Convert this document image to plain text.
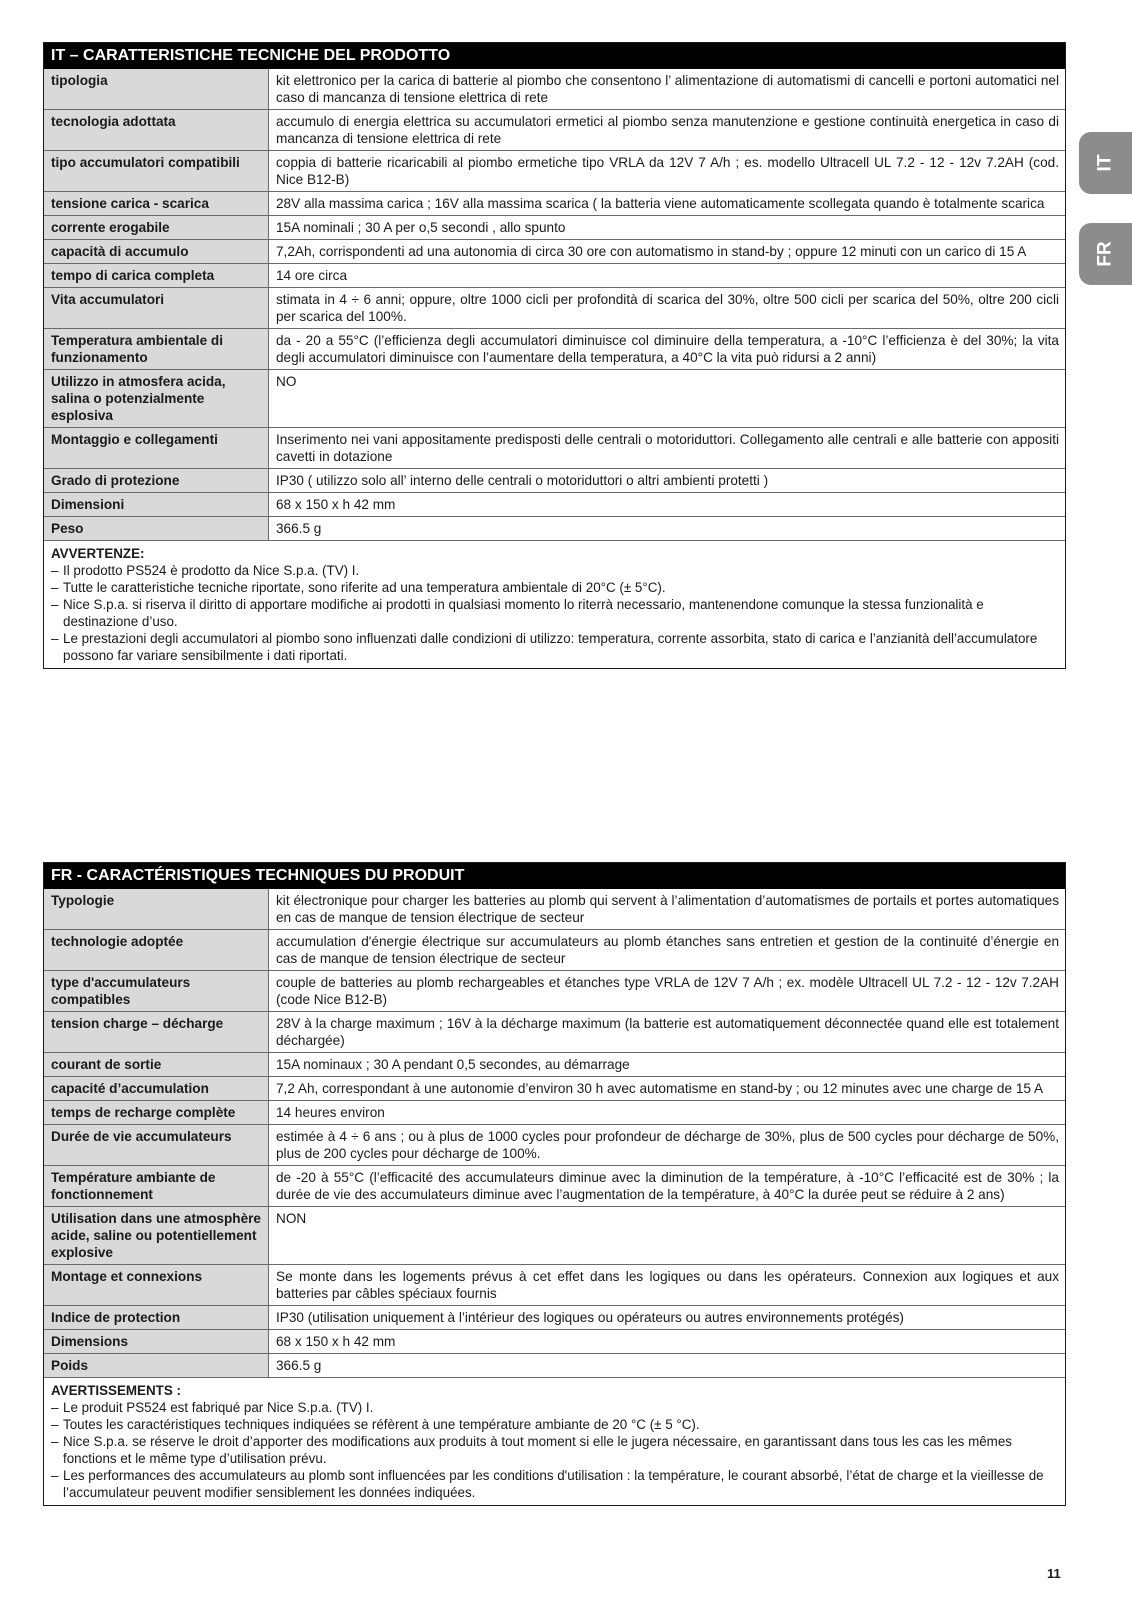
IT – CARATTERISTICHE TECNICHE DEL PRODOTTO
tipologia	kit elettronico per la carica di batterie al piombo che consentono l’ alimentazione di automatismi di cancelli e portoni automatici nel caso di mancanza di tensione elettrica di rete
tecnologia adottata	accumulo di energia elettrica su accumulatori ermetici al piombo senza manutenzione e gestione continuità energetica in caso di mancanza di tensione elettrica di rete
tipo accumulatori compatibili	coppia di batterie ricaricabili al piombo ermetiche tipo VRLA da 12V 7 A/h ; es. modello Ultracell UL 7.2 - 12 - 12v 7.2AH (cod. Nice B12-B)
tensione carica - scarica	28V alla massima carica ; 16V alla massima scarica ( la batteria viene automaticamente scollegata quando è totalmente scarica
corrente erogabile	15A nominali ; 30 A per o,5 secondi , allo spunto
capacità di accumulo	7,2Ah, corrispondenti ad una autonomia di circa 30 ore con automatismo in stand-by ; oppure 12 minuti con un carico di 15 A
tempo di carica completa	14 ore circa
Vita accumulatori	stimata in 4 ÷ 6 anni; oppure, oltre 1000 cicli per profondità di scarica del 30%, oltre 500 cicli per scarica del 50%, oltre 200 cicli per scarica del 100%.
Temperatura ambientale di funzionamento	da - 20 a 55°C (l’efficienza degli accumulatori diminuisce col diminuire della temperatura, a -10°C l’efficienza è del 30%; la vita degli accumulatori diminuisce con l’aumentare della temperatura, a 40°C la vita può ridursi a 2 anni)
Utilizzo in atmosfera acida, salina o potenzialmente esplosiva	NO
Montaggio e collegamenti	Inserimento nei vani appositamente predisposti delle centrali o motoriduttori. Collegamento alle centrali e alle batterie con appositi cavetti in dotazione
Grado di protezione	IP30 ( utilizzo solo all’ interno delle centrali o motoriduttori o altri ambienti protetti )
Dimensioni	68 x 150 x h 42 mm
Peso	366.5 g
AVVERTENZE:
– Il prodotto PS524 è prodotto da Nice S.p.a. (TV) I.
– Tutte le caratteristiche tecniche riportate, sono riferite ad una temperatura ambientale di 20°C (± 5°C).
– Nice S.p.a. si riserva il diritto di apportare modifiche ai prodotti in qualsiasi momento lo riterrà necessario, mantenendone comunque la stessa funzionalità e destinazione d’uso.
– Le prestazioni degli accumulatori al piombo sono influenzati dalle condizioni di utilizzo: temperatura, corrente assorbita, stato di carica e l’anzianità dell’accumulatore possono far variare sensibilmente i dati riportati.
FR - CARACTÉRISTIQUES TECHNIQUES DU PRODUIT
Typologie	kit électronique pour charger les batteries au plomb qui servent à l’alimentation d’automatismes de portails et portes automatiques en cas de manque de tension électrique de secteur
technologie adoptée	accumulation d'énergie électrique sur accumulateurs au plomb étanches sans entretien et gestion de la continuité d’énergie en cas de manque de tension électrique de secteur
type d'accumulateurs compatibles	couple de batteries au plomb rechargeables et étanches type VRLA de 12V 7 A/h ; ex. modèle Ultracell UL 7.2 - 12 - 12v 7.2AH (code Nice B12-B)
tension charge – décharge	28V à la charge maximum ; 16V à la décharge maximum (la batterie est automatiquement déconnectée quand elle est totalement déchargée)
courant de sortie	15A nominaux ; 30 A pendant 0,5 secondes, au démarrage
capacité d’accumulation	7,2 Ah, correspondant à une autonomie d’environ 30 h avec automatisme en stand-by ; ou 12 minutes avec une charge de 15 A
temps de recharge complète	14 heures environ
Durée de vie accumulateurs	estimée à 4 ÷ 6 ans ; ou à plus de 1000 cycles pour profondeur de décharge de 30%, plus de 500 cycles pour décharge de 50%, plus de 200 cycles pour décharge de 100%.
Température ambiante de fonctionnement	de -20 à 55°C (l’efficacité des accumulateurs diminue avec la diminution de la température, à -10°C l’efficacité est de 30% ; la durée de vie des accumulateurs diminue avec l’augmentation de la température, à 40°C la durée peut se réduire à 2 ans)
Utilisation dans une atmosphère acide, saline ou potentiellement explosive	NON
Montage et connexions	Se monte dans les logements prévus à cet effet dans les logiques ou dans les opérateurs. Connexion aux logiques et aux batteries par câbles spéciaux fournis
Indice de protection	IP30 (utilisation uniquement à l’intérieur des logiques ou opérateurs ou autres environnements protégés)
Dimensions	68 x 150 x h 42 mm
Poids	366.5 g
AVERTISSEMENTS :
– Le produit PS524 est fabriqué par Nice S.p.a. (TV) I.
– Toutes les caractéristiques techniques indiquées se réfèrent à une température ambiante de 20 °C (± 5 °C).
– Nice S.p.a. se réserve le droit d’apporter des modifications aux produits à tout moment si elle le jugera nécessaire, en garantissant dans tous les cas les mêmes fonctions et le même type d’utilisation prévu.
– Les performances des accumulateurs au plomb sont influencées par les conditions d'utilisation : la température, le courant absorbé, l’état de charge et la vieillesse de l’accumulateur peuvent modifier sensiblement les données indiquées.
IT
FR
11
